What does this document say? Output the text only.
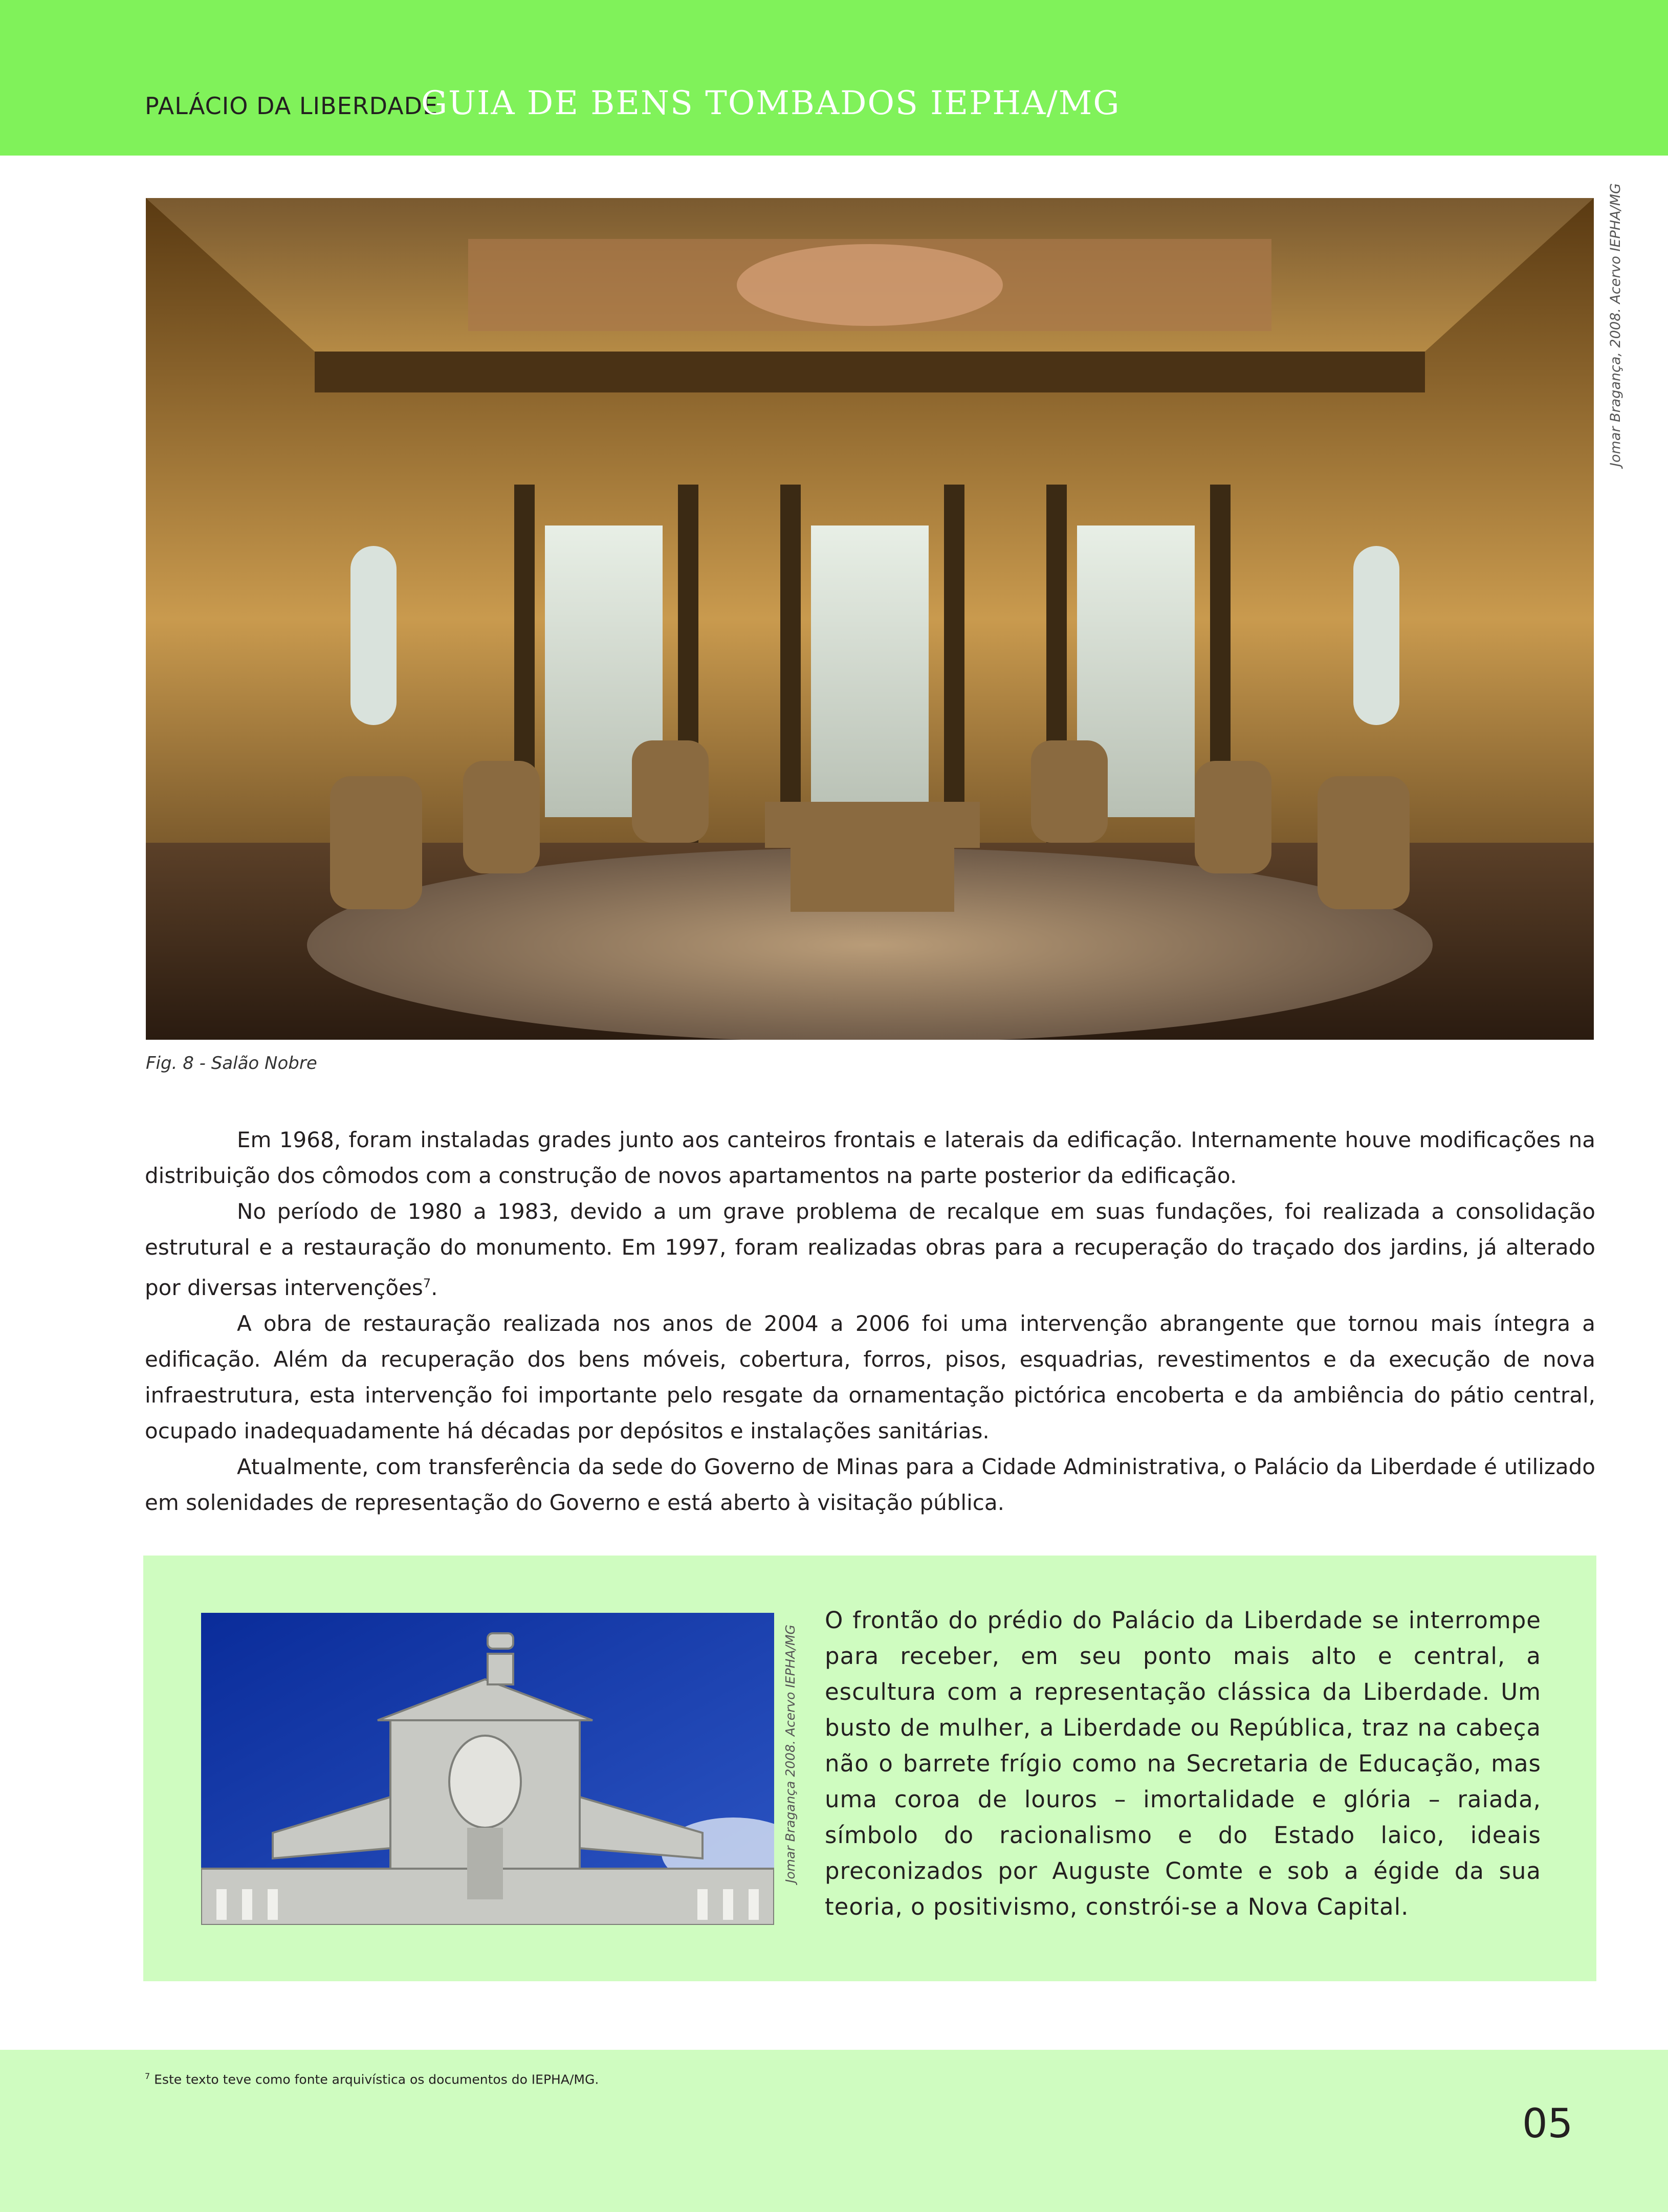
PALÁCIO DA LIBERDADE
GUIA DE BENS TOMBADOS IEPHA/MG
Jomar Bragança, 2008. Acervo IEPHA/MG
Fig. 8 - Salão Nobre

Em 1968, foram instaladas grades junto aos canteiros frontais e laterais da edificação. Internamente houve modificações na distribuição dos cômodos com a construção de novos apartamentos na parte posterior da edificação.

No período de 1980 a 1983, devido a um grave problema de recalque em suas fundações, foi realizada a consolidação estrutural e a restauração do monumento. Em 1997, foram realizadas obras para a recuperação do traçado dos jardins, já alterado por diversas intervenções$^7$.

A obra de restauração realizada nos anos de 2004 a 2006 foi uma intervenção abrangente que tornou mais íntegra a edificação. Além da recuperação dos bens móveis, cobertura, forros, pisos, esquadrias, revestimentos e da execução de nova infraestrutura, esta intervenção foi importante pelo resgate da ornamentação pictórica encoberta e da ambiência do pátio central, ocupado inadequadamente há décadas por depósitos e instalações sanitárias.

Atualmente, com transferência da sede do Governo de Minas para a Cidade Administrativa, o Palácio da Liberdade é utilizado em solenidades de representação do Governo e está aberto à visitação pública.

Jomar Bragança 2008. Acervo IEPHA/MG
O frontão do prédio do Palácio da Liberdade se interrompe para receber, em seu ponto mais alto e central, a escultura com a representação clássica da Liberdade. Um busto de mulher, a Liberdade ou República, traz na cabeça não o barrete frígio como na Secretaria de Educação, mas uma coroa de louros – imortalidade e glória – raiada, símbolo do racionalismo e do Estado laico, ideais preconizados por Auguste Comte e sob a égide da sua teoria, o positivismo, constrói-se a Nova Capital.
$^7$ Este texto teve como fonte arquivística os documentos do IEPHA/MG.
05
